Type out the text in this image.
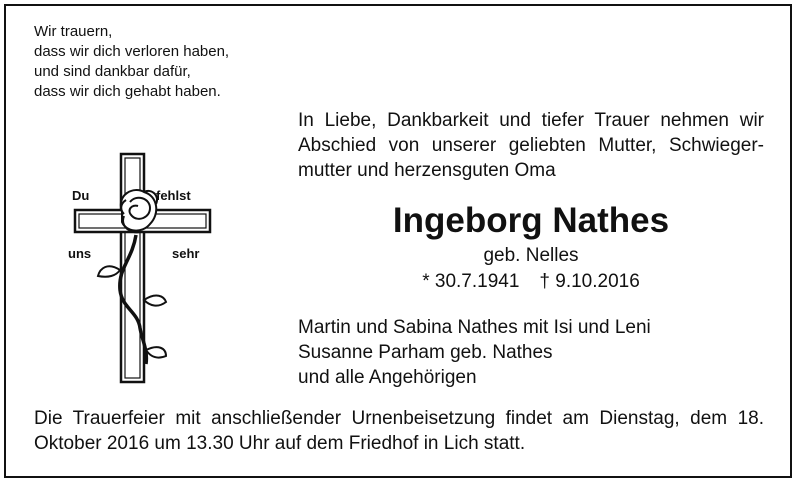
Wir trauern,
dass wir dich verloren haben,
und sind dankbar dafür,
dass wir dich gehabt haben.
Du	fehlst
uns	sehr
In Liebe, Dankbarkeit und tiefer Trauer nehmen wir Abschied von unserer geliebten Mutter, Schwieger-mutter und herzensguten Oma
Ingeborg Nathes
geb. Nelles
* 30.7.1941 † 9.10.2016
Martin und Sabina Nathes mit Isi und Leni
Susanne Parham geb. Nathes
und alle Angehörigen
Die Trauerfeier mit anschließender Urnenbeisetzung findet am Dienstag, dem 18. Oktober 2016 um 13.30 Uhr auf dem Friedhof in Lich statt.
